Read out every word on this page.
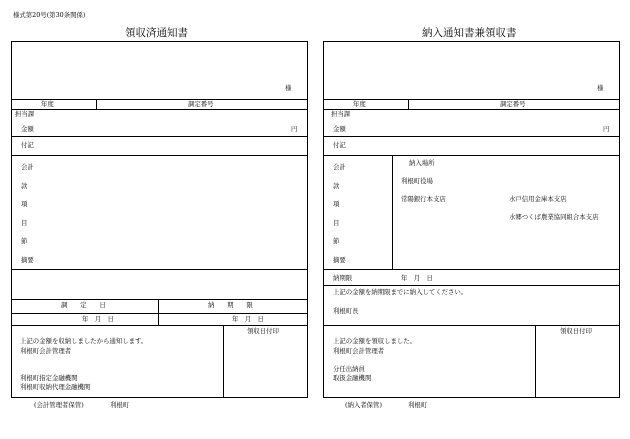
様式第20号(第30条関係)
領収済通知書
様
年度	調定番号
担当課
金額	円
付記
会計
款
項
目
節
摘要
調　　定　　日	納　　期　　限
年　月　日	年　月　日
領収日付印
上記の金額を収納しましたから通知します。
利根町会計管理者
利根町指定金融機関
利根町収納代理金融機関
(会計管理者保管)	利根町
納入通知書兼領収書
様
年度	調定番号
担当課
金額	円
付記
会計
款
項
目
節
摘要
納入場所
利根町役場
常陽銀行本支店	水戸信用金庫本支店
水郷つくば農業協同組合本支店
納期限	年　月　日
上記の金額を納期限までに納入してください。
利根町長
領収日付印
上記の金額を領収しました。
利根町会計管理者
分任出納員
取扱金融機関
(納入者保管)	利根町
